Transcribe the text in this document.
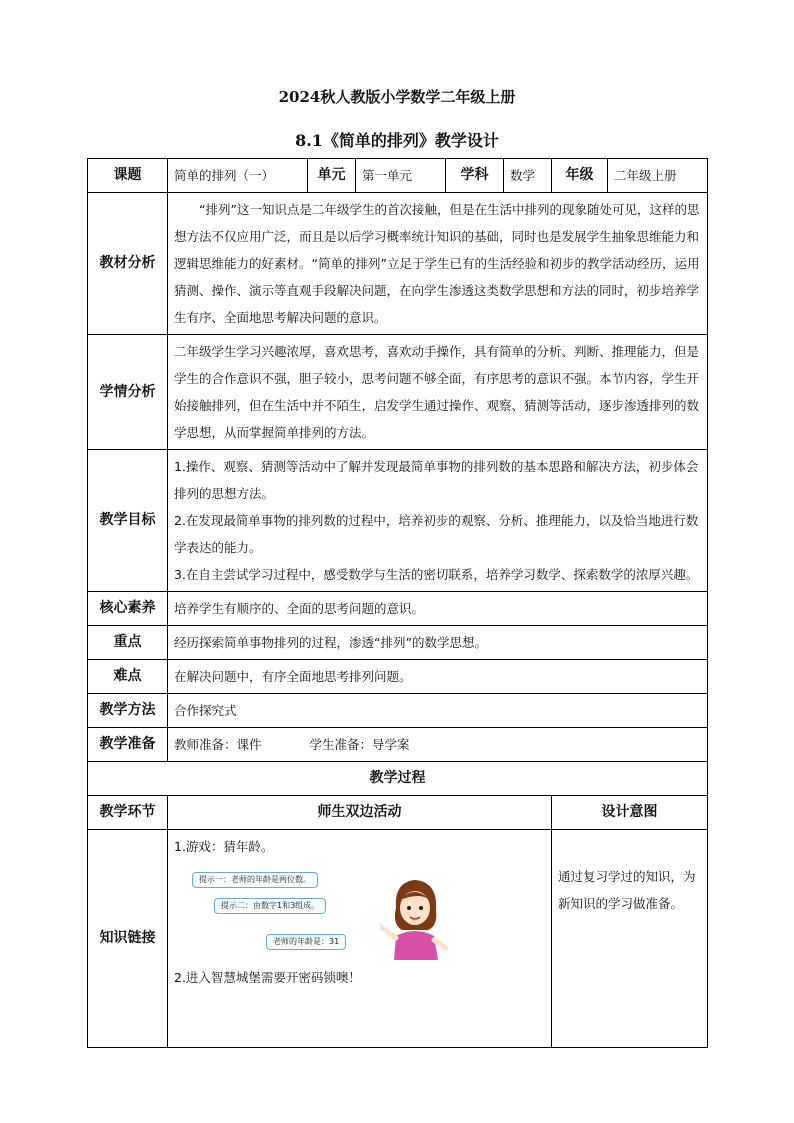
2024秋人教版小学数学二年级上册
8.1《简单的排列》教学设计
课题	简单的排列（一）	单元	第一单元	学科	数学	年级	二年级上册
教材分析	“排列”这一知识点是二年级学生的首次接触，但是在生活中排列的现象随处可见，这样的思想方法不仅应用广泛，而且是以后学习概率统计知识的基础，同时也是发展学生抽象思维能力和逻辑思维能力的好素材。“简单的排列”立足于学生已有的生活经验和初步的教学活动经历，运用猜测、操作、演示等直观手段解决问题，在向学生渗透这类数学思想和方法的同时，初步培养学生有序、全面地思考解决问题的意识。						
学情分析	二年级学生学习兴趣浓厚，喜欢思考，喜欢动手操作，具有简单的分析、判断、推理能力，但是学生的合作意识不强，胆子较小，思考问题不够全面，有序思考的意识不强。本节内容，学生开始接触排列，但在生活中并不陌生，启发学生通过操作、观察、猜测等活动，逐步渗透排列的数学思想，从而掌握简单排列的方法。						
教学目标	1.操作、观察、猜测等活动中了解并发现最简单事物的排列数的基本思路和解决方法，初步体会排列的思想方法。

2.在发现最简单事物的排列数的过程中，培养初步的观察、分析、推理能力，以及恰当地进行数学表达的能力。

3.在自主尝试学习过程中，感受数学与生活的密切联系，培养学习数学、探索数学的浓厚兴趣。						

核心素养	培养学生有顺序的、全面的思考问题的意识。						
重点	经历探索简单事物排列的过程，渗透“排列”的数学思想。						
难点	在解决问题中，有序全面地思考排列问题。						
教学方法	合作探究式						
教学准备	教师准备：课件 学生准备：导学案						
教学过程							
教学环节	师生双边活动					设计意图	
知识链接	1.游戏：猜年龄。

提示一：老师的年龄是两位数。
提示二：由数字1和3组成。
老师的年龄是：31

2.进入智慧城堡需要开密码锁噢！					通过复习学过的知识，为新知识的学习做准备。	
